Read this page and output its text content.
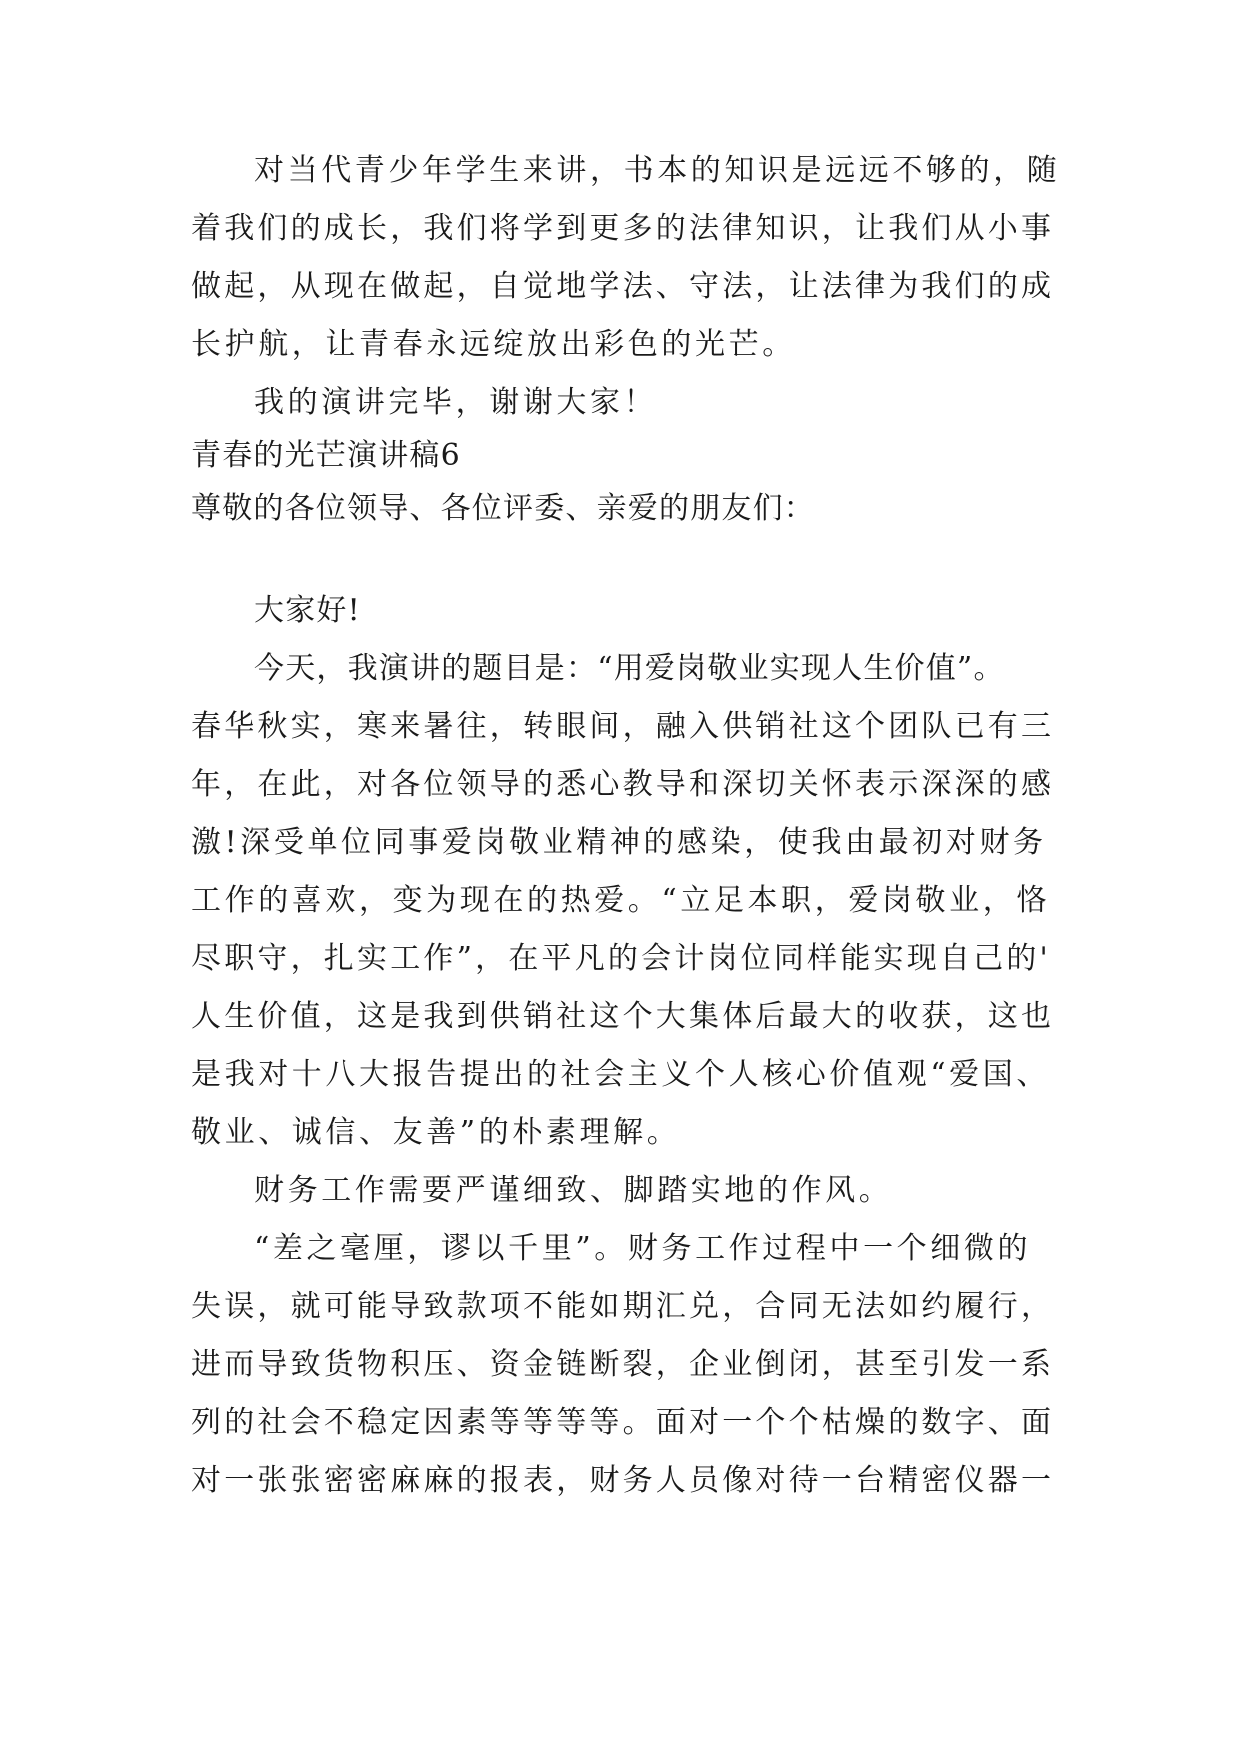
对当代青少年学生来讲，书本的知识是远远不够的，随
着我们的成长，我们将学到更多的法律知识，让我们从小事
做起，从现在做起，自觉地学法、守法，让法律为我们的成
长护航，让青春永远绽放出彩色的光芒。
我的演讲完毕，谢谢大家！
青春的光芒演讲稿6
尊敬的各位领导、各位评委、亲爱的朋友们：
大家好!
今天，我演讲的题目是：“用爱岗敬业实现人生价值”。
春华秋实，寒来暑往，转眼间，融入供销社这个团队已有三
年，在此，对各位领导的悉心教导和深切关怀表示深深的感
激!深受单位同事爱岗敬业精神的感染，使我由最初对财务
工作的喜欢，变为现在的热爱。“立足本职，爱岗敬业，恪
尽职守，扎实工作”，在平凡的会计岗位同样能实现自己的'
人生价值，这是我到供销社这个大集体后最大的收获，这也
是我对十八大报告提出的社会主义个人核心价值观“爱国、
敬业、诚信、友善”的朴素理解。
财务工作需要严谨细致、脚踏实地的作风。
“差之毫厘，谬以千里”。财务工作过程中一个细微的
失误，就可能导致款项不能如期汇兑，合同无法如约履行，
进而导致货物积压、资金链断裂，企业倒闭，甚至引发一系
列的社会不稳定因素等等等等。面对一个个枯燥的数字、面
对一张张密密麻麻的报表，财务人员像对待一台精密仪器一
